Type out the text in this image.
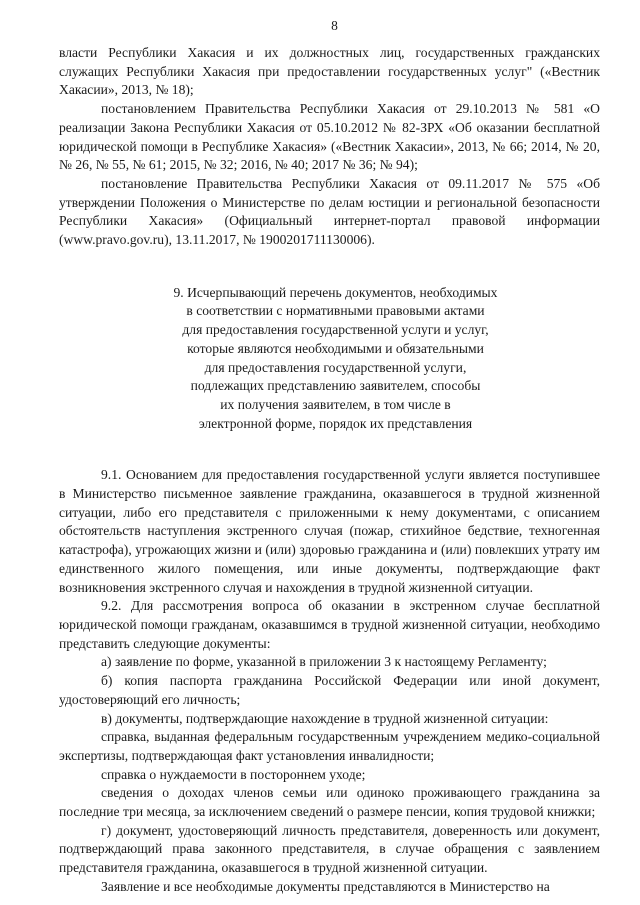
8

власти Республики Хакасия и их должностных лиц, государственных гражданских служащих Республики Хакасия при предоставлении государственных услуг" («Вестник Хакасии», 2013, № 18);

постановлением Правительства Республики Хакасия от 29.10.2013 № 581 «О реализации Закона Республики Хакасия от 05.10.2012 № 82-ЗРХ «Об оказании бесплатной юридической помощи в Республике Хакасия» («Вестник Хакасии», 2013, № 66; 2014, № 20, № 26, № 55, № 61; 2015, № 32; 2016, № 40; 2017 № 36; № 94);

постановление Правительства Республики Хакасия от 09.11.2017 № 575 «Об утверждении Положения о Министерстве по делам юстиции и региональной безопасности Республики Хакасия» (Официальный интернет-портал правовой информации (www.pravo.gov.ru), 13.11.2017, № 1900201711130006).

9. Исчерпывающий перечень документов, необходимых
в соответствии с нормативными правовыми актами
для предоставления государственной услуги и услуг,
которые являются необходимыми и обязательными
для предоставления государственной услуги,
подлежащих представлению заявителем, способы
их получения заявителем, в том числе в
электронной форме, порядок их представления

9.1. Основанием для предоставления государственной услуги является поступившее в Министерство письменное заявление гражданина, оказавшегося в трудной жизненной ситуации, либо его представителя с приложенными к нему документами, с описанием обстоятельств наступления экстренного случая (пожар, стихийное бедствие, техногенная катастрофа), угрожающих жизни и (или) здоровью гражданина и (или) повлекших утрату им единственного жилого помещения, или иные документы, подтверждающие факт возникновения экстренного случая и нахождения в трудной жизненной ситуации.

9.2. Для рассмотрения вопроса об оказании в экстренном случае бесплатной юридической помощи гражданам, оказавшимся в трудной жизненной ситуации, необходимо представить следующие документы:

а) заявление по форме, указанной в приложении 3 к настоящему Регламенту;

б) копия паспорта гражданина Российской Федерации или иной документ, удостоверяющий его личность;

в) документы, подтверждающие нахождение в трудной жизненной ситуации:

справка, выданная федеральным государственным учреждением медико-социальной экспертизы, подтверждающая факт установления инвалидности;

справка о нуждаемости в постороннем уходе;

сведения о доходах членов семьи или одиноко проживающего гражданина за последние три месяца, за исключением сведений о размере пенсии, копия трудовой книжки;

г) документ, удостоверяющий личность представителя, доверенность или документ, подтверждающий права законного представителя, в случае обращения с заявлением представителя гражданина, оказавшегося в трудной жизненной ситуации.

Заявление и все необходимые документы представляются в Министерство на
